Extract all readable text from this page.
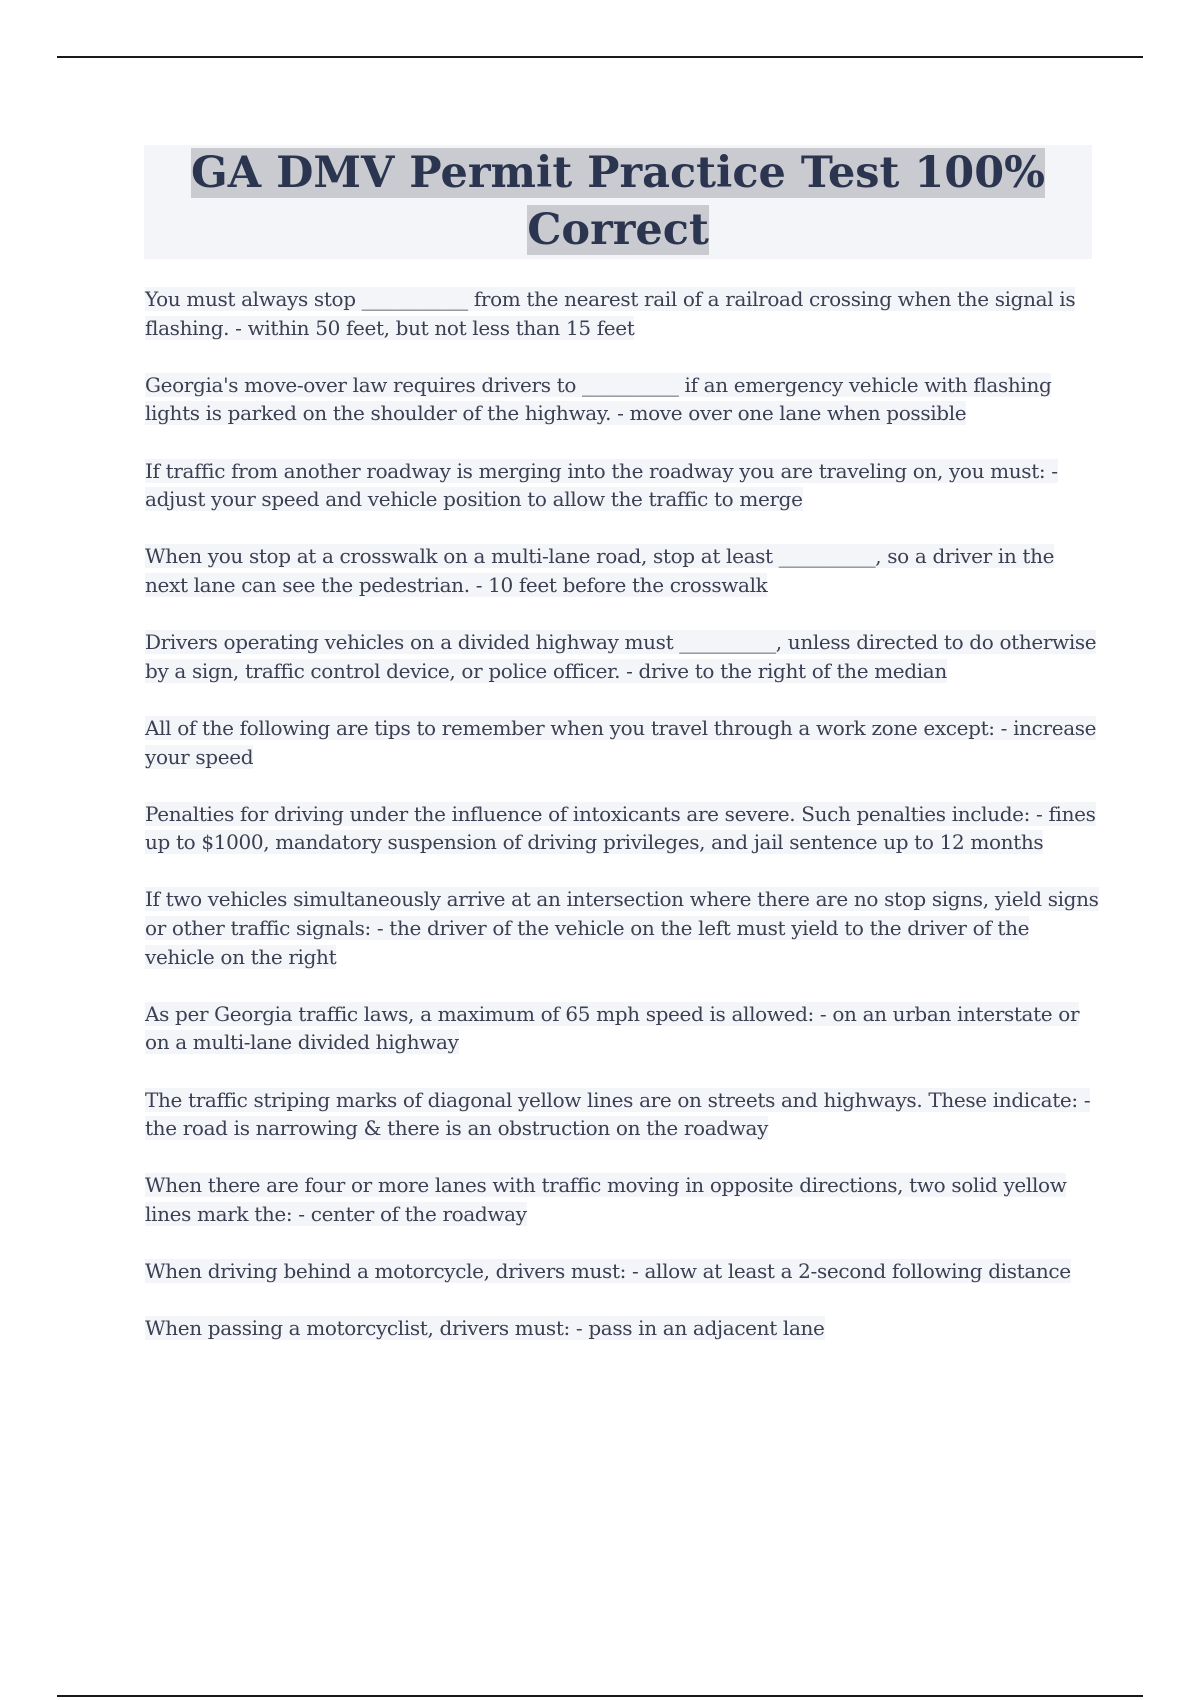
GA DMV Permit Practice Test 100% Correct

You must always stop ___________ from the nearest rail of a railroad crossing when the signal is flashing. - within 50 feet, but not less than 15 feet

Georgia's move-over law requires drivers to __________ if an emergency vehicle with flashing lights is parked on the shoulder of the highway. - move over one lane when possible

If traffic from another roadway is merging into the roadway you are traveling on, you must: - adjust your speed and vehicle position to allow the traffic to merge

When you stop at a crosswalk on a multi-lane road, stop at least __________, so a driver in the next lane can see the pedestrian. - 10 feet before the crosswalk

Drivers operating vehicles on a divided highway must __________, unless directed to do otherwise by a sign, traffic control device, or police officer. - drive to the right of the median

All of the following are tips to remember when you travel through a work zone except: - increase your speed

Penalties for driving under the influence of intoxicants are severe. Such penalties include: - fines up to $1000, mandatory suspension of driving privileges, and jail sentence up to 12 months

If two vehicles simultaneously arrive at an intersection where there are no stop signs, yield signs or other traffic signals: - the driver of the vehicle on the left must yield to the driver of the vehicle on the right

As per Georgia traffic laws, a maximum of 65 mph speed is allowed: - on an urban interstate or on a multi-lane divided highway

The traffic striping marks of diagonal yellow lines are on streets and highways. These indicate: - the road is narrowing & there is an obstruction on the roadway

When there are four or more lanes with traffic moving in opposite directions, two solid yellow lines mark the: - center of the roadway

When driving behind a motorcycle, drivers must: - allow at least a 2-second following distance

When passing a motorcyclist, drivers must: - pass in an adjacent lane
